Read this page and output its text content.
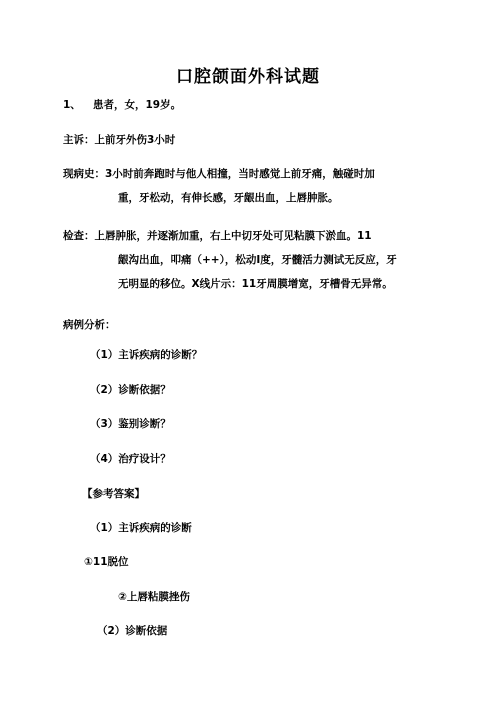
口腔颌面外科试题
1、 患者，女，19岁。
主诉：上前牙外伤3小时
现病史：3小时前奔跑时与他人相撞，当时感觉上前牙痛，触碰时加
重，牙松动，有伸长感，牙龈出血，上唇肿胀。
检查：上唇肿胀，并逐渐加重，右上中切牙处可见粘膜下淤血。11
龈沟出血，叩痛（++），松动Ⅰ度，牙髓活力测试无反应，牙
无明显的移位。X线片示：11牙周膜增宽，牙槽骨无异常。
病例分析：
（1）主诉疾病的诊断？
（2）诊断依据？
（3）鉴别诊断？
（4）治疗设计？
【参考答案】
（1）主诉疾病的诊断
①11脱位
②上唇粘膜挫伤
（2）诊断依据
